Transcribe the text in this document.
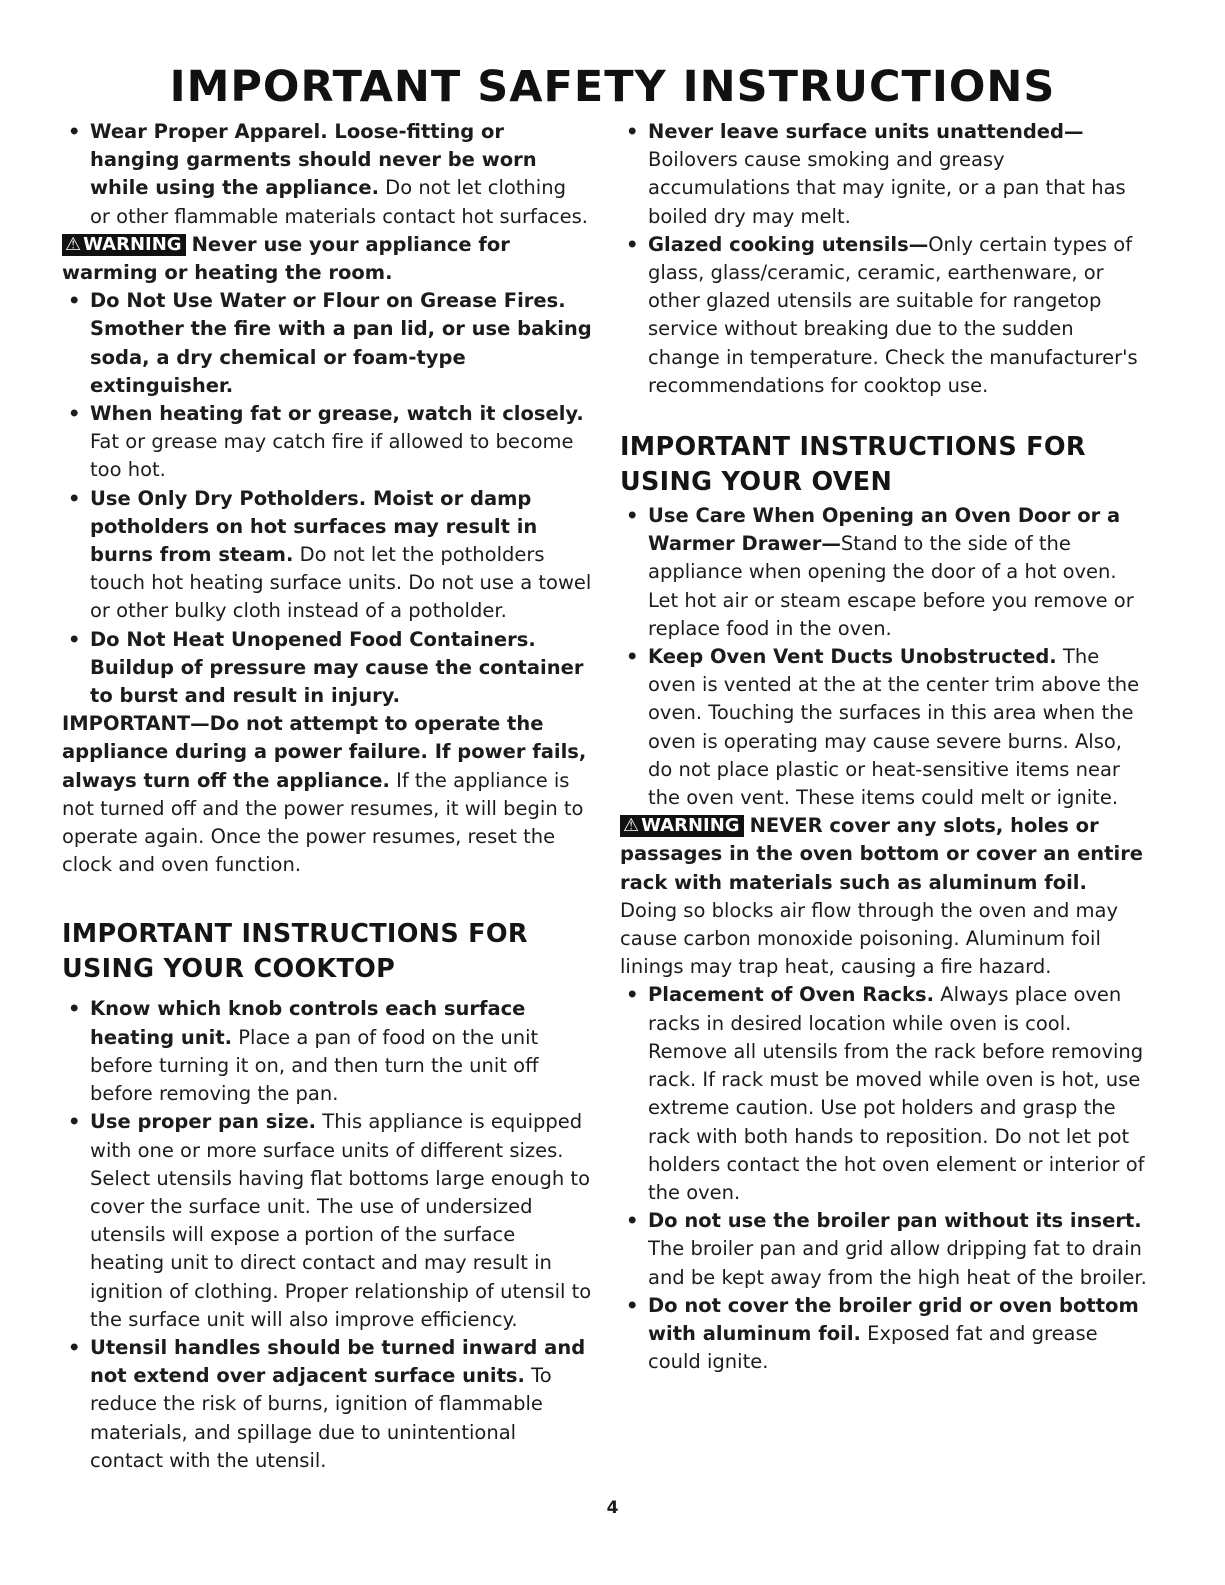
IMPORTANT SAFETY INSTRUCTIONS

• Wear Proper Apparel. Loose-fitting or hanging garments should never be worn while using the appliance. Do not let clothing or other flammable materials contact hot surfaces.

⚠ WARNING Never use your appliance for warming or heating the room.

• Do Not Use Water or Flour on Grease Fires. Smother the fire with a pan lid, or use baking soda, a dry chemical or foam-type extinguisher.

• When heating fat or grease, watch it closely. Fat or grease may catch fire if allowed to become too hot.

• Use Only Dry Potholders. Moist or damp potholders on hot surfaces may result in burns from steam. Do not let the potholders touch hot heating surface units. Do not use a towel or other bulky cloth instead of a potholder.

• Do Not Heat Unopened Food Containers. Buildup of pressure may cause the container to burst and result in injury.

IMPORTANT—Do not attempt to operate the appliance during a power failure. If power fails, always turn off the appliance. If the appliance is not turned off and the power resumes, it will begin to operate again. Once the power resumes, reset the clock and oven function.

IMPORTANT INSTRUCTIONS FOR USING YOUR COOKTOP

• Know which knob controls each surface heating unit. Place a pan of food on the unit before turning it on, and then turn the unit off before removing the pan.

• Use proper pan size. This appliance is equipped with one or more surface units of different sizes. Select utensils having flat bottoms large enough to cover the surface unit. The use of undersized utensils will expose a portion of the surface heating unit to direct contact and may result in ignition of clothing. Proper relationship of utensil to the surface unit will also improve efficiency.

• Utensil handles should be turned inward and not extend over adjacent surface units. To reduce the risk of burns, ignition of flammable materials, and spillage due to unintentional contact with the utensil.

• Never leave surface units unattended—
Boilovers cause smoking and greasy accumulations that may ignite, or a pan that has boiled dry may melt.

• Glazed cooking utensils—Only certain types of glass, glass/ceramic, ceramic, earthenware, or other glazed utensils are suitable for rangetop service without breaking due to the sudden change in temperature. Check the manufacturer's recommendations for cooktop use.

IMPORTANT INSTRUCTIONS FOR USING YOUR OVEN

• Use Care When Opening an Oven Door or a Warmer Drawer—Stand to the side of the appliance when opening the door of a hot oven. Let hot air or steam escape before you remove or replace food in the oven.

• Keep Oven Vent Ducts Unobstructed. The oven is vented at the at the center trim above the oven. Touching the surfaces in this area when the oven is operating may cause severe burns. Also, do not place plastic or heat-sensitive items near the oven vent. These items could melt or ignite.

⚠ WARNING NEVER cover any slots, holes or passages in the oven bottom or cover an entire rack with materials such as aluminum foil. Doing so blocks air flow through the oven and may cause carbon monoxide poisoning. Aluminum foil linings may trap heat, causing a fire hazard.

• Placement of Oven Racks. Always place oven racks in desired location while oven is cool. Remove all utensils from the rack before removing rack. If rack must be moved while oven is hot, use extreme caution. Use pot holders and grasp the rack with both hands to reposition. Do not let pot holders contact the hot oven element or interior of the oven.

• Do not use the broiler pan without its insert. The broiler pan and grid allow dripping fat to drain and be kept away from the high heat of the broiler.

• Do not cover the broiler grid or oven bottom with aluminum foil. Exposed fat and grease could ignite.

4
